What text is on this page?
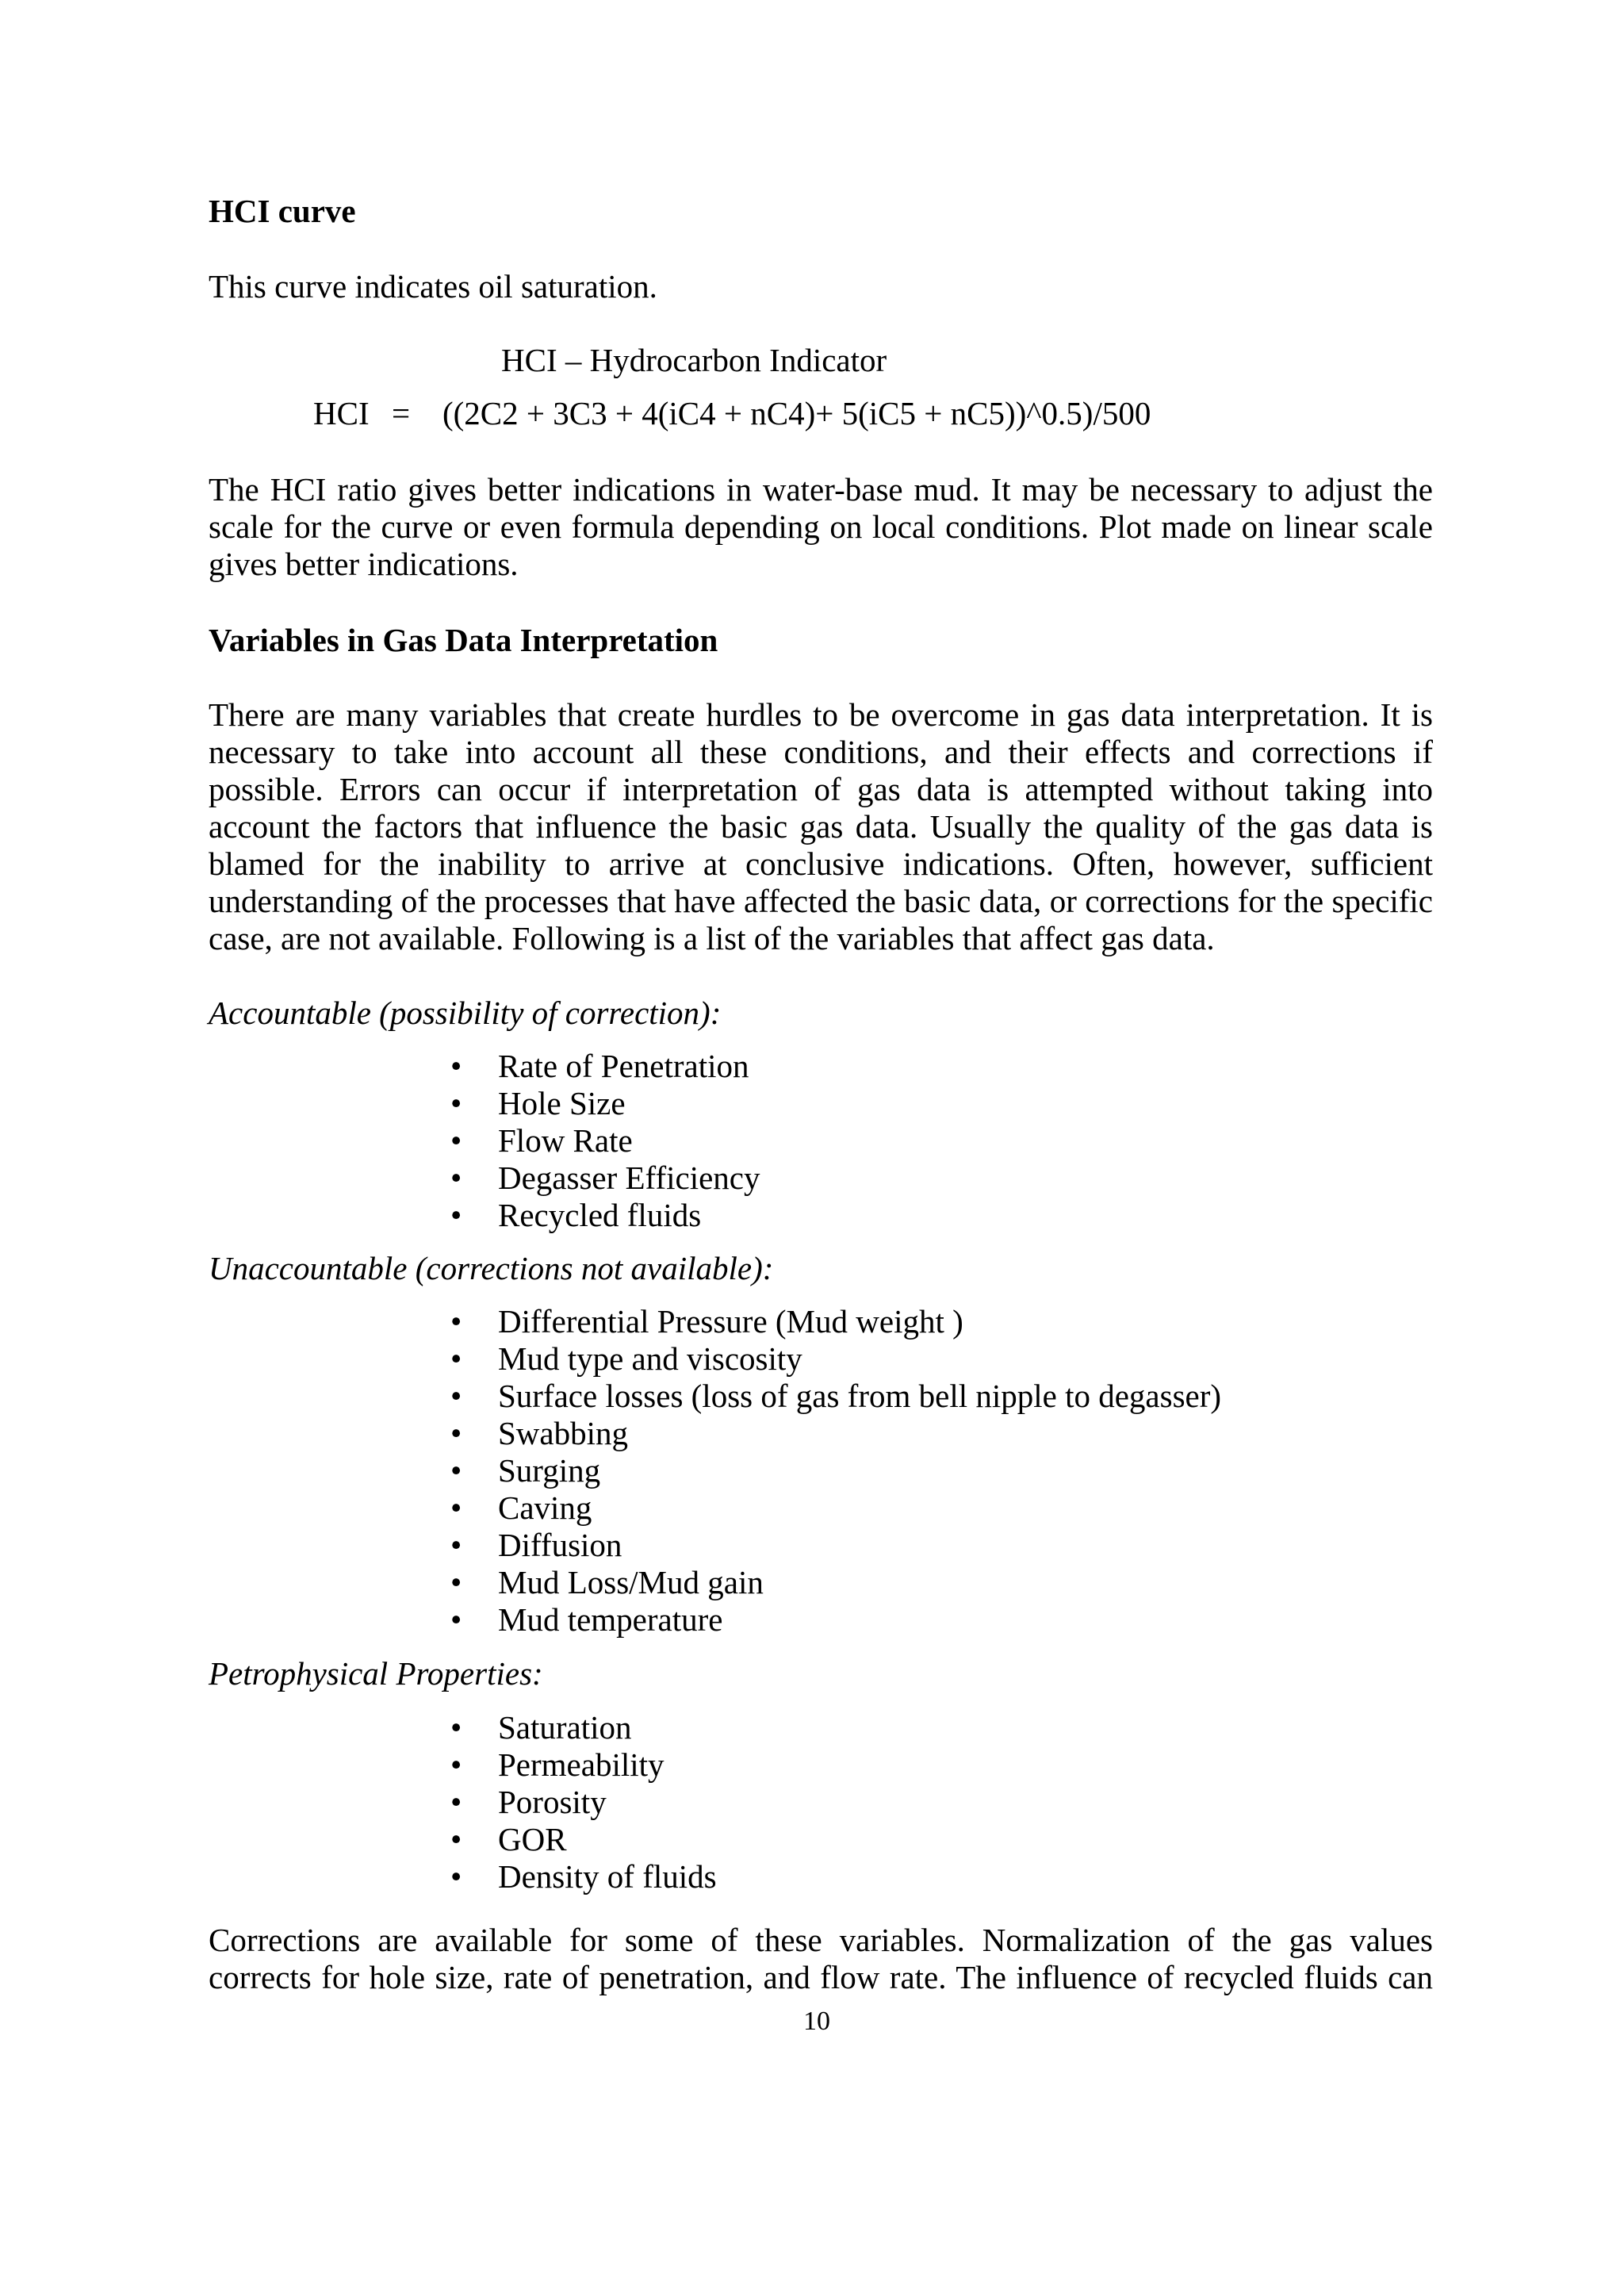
HCI curve

This curve indicates oil saturation.

HCI – Hydrocarbon Indicator

HCI = ((2C2 + 3C3 + 4(iC4 + nC4)+ 5(iC5 + nC5))^0.5)/500
The HCI ratio gives better indications in water-base mud. It may be necessary to adjust the
scale for the curve or even formula depending on local conditions. Plot made on linear scale
gives better indications.

Variables in Gas Data Interpretation

There are many variables that create hurdles to be overcome in gas data interpretation. It is
necessary to take into account all these conditions, and their effects and corrections if
possible. Errors can occur if interpretation of gas data is attempted without taking into
account the factors that influence the basic gas data. Usually the quality of the gas data is
blamed for the inability to arrive at conclusive indications. Often, however, sufficient
understanding of the processes that have affected the basic data, or corrections for the specific
case, are not available. Following is a list of the variables that affect gas data.

Accountable (possibility of correction):

• Rate of Penetration
• Hole Size
• Flow Rate
• Degasser Efficiency
• Recycled fluids

Unaccountable (corrections not available):

• Differential Pressure (Mud weight )
• Mud type and viscosity
• Surface losses (loss of gas from bell nipple to degasser)
• Swabbing
• Surging
• Caving
• Diffusion
• Mud Loss/Mud gain
• Mud temperature

Petrophysical Properties:

• Saturation
• Permeability
• Porosity
• GOR
• Density of fluids
Corrections are available for some of these variables. Normalization of the gas values
corrects for hole size, rate of penetration, and flow rate. The influence of recycled fluids can

10
